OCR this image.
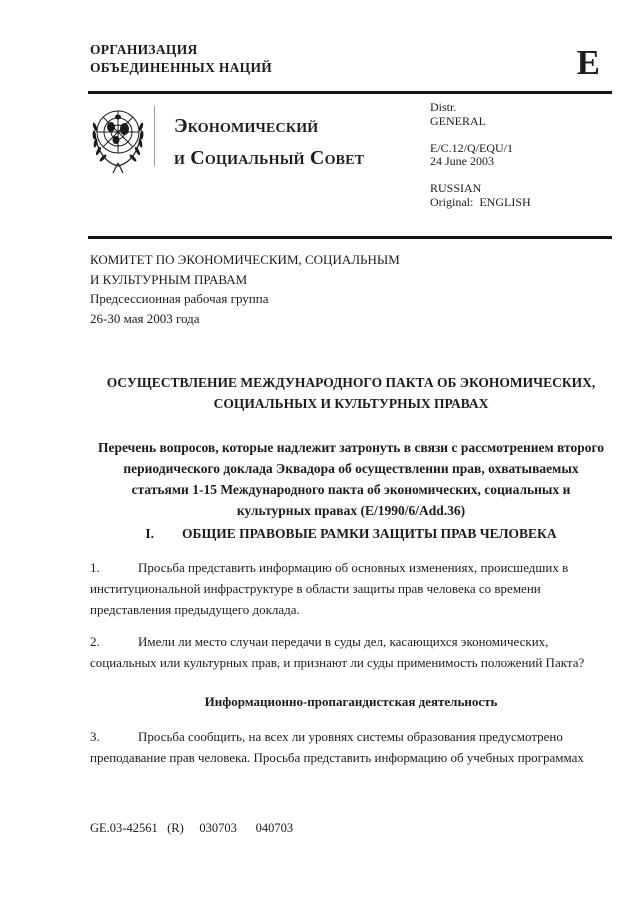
ОРГАНИЗАЦИЯ
ОБЪЕДИНЕННЫХ НАЦИЙ	E
Экономический
и Социальный Совет
Distr.
GENERAL
E/C.12/Q/EQU/1
24 June 2003
RUSSIAN
Original:  ENGLISH
КОМИТЕТ ПО ЭКОНОМИЧЕСКИМ, СОЦИАЛЬНЫМ
И КУЛЬТУРНЫМ ПРАВАМ
Предсессионная рабочая группа
26-30 мая 2003 года
ОСУЩЕСТВЛЕНИЕ МЕЖДУНАРОДНОГО ПАКТА ОБ ЭКОНОМИЧЕСКИХ,
СОЦИАЛЬНЫХ И КУЛЬТУРНЫХ ПРАВАХ
Перечень вопросов, которые надлежит затронуть в связи с рассмотрением второго периодического доклада Эквадора об осуществлении прав, охватываемых статьями 1-15 Международного пакта об экономических, социальных и культурных правах (E/1990/6/Add.36)
I. ОБЩИЕ ПРАВОВЫЕ РАМКИ ЗАЩИТЫ ПРАВ ЧЕЛОВЕКА
1.	Просьба представить информацию об основных изменениях, происшедших в институциональной инфраструктуре в области защиты прав человека со времени представления предыдущего доклада.
2.	Имели ли место случаи передачи в суды дел, касающихся экономических, социальных или культурных прав, и признают ли суды применимость положений Пакта?
Информационно-пропагандистская деятельность
3.	Просьба сообщить, на всех ли уровнях системы образования предусмотрено преподавание прав человека. Просьба представить информацию об учебных программах
GE.03-42561   (R)     030703      040703
